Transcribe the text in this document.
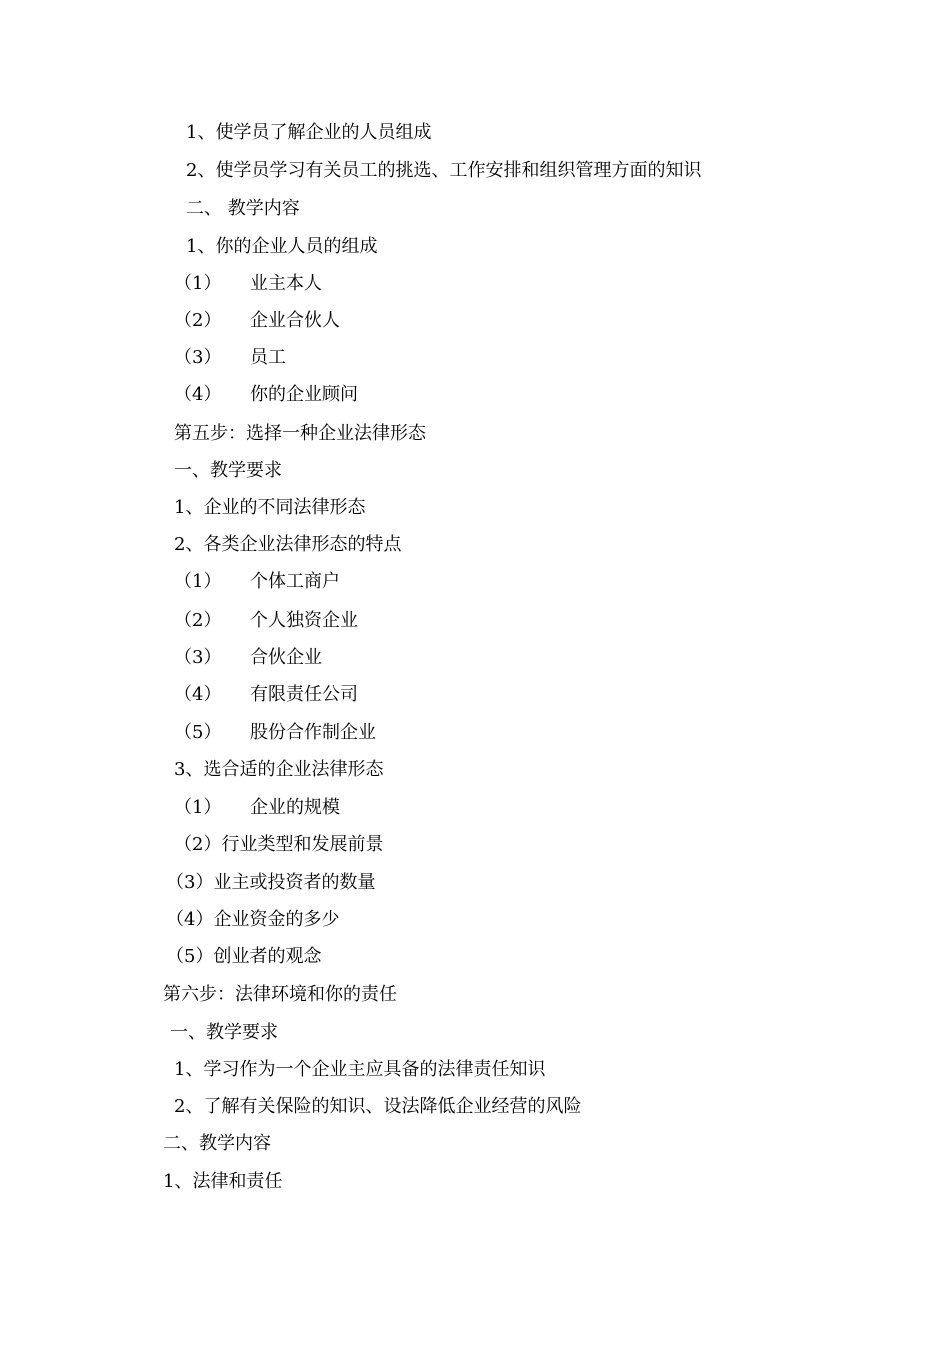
1、使学员了解企业的人员组成
2、使学员学习有关员工的挑选、工作安排和组织管理方面的知识
二、 教学内容
1、你的企业人员的组成
（1） 业主本人
（2） 企业合伙人
（3） 员工
（4） 你的企业顾问
第五步：选择一种企业法律形态
一、教学要求
1、企业的不同法律形态
2、各类企业法律形态的特点
（1） 个体工商户
（2） 个人独资企业
（3） 合伙企业
（4） 有限责任公司
（5） 股份合作制企业
3、选合适的企业法律形态
（1） 企业的规模
（2）行业类型和发展前景
（3）业主或投资者的数量
（4）企业资金的多少
（5）创业者的观念
第六步：法律环境和你的责任
一、教学要求
1、学习作为一个企业主应具备的法律责任知识
2、了解有关保险的知识、设法降低企业经营的风险
二、教学内容
1、法律和责任
